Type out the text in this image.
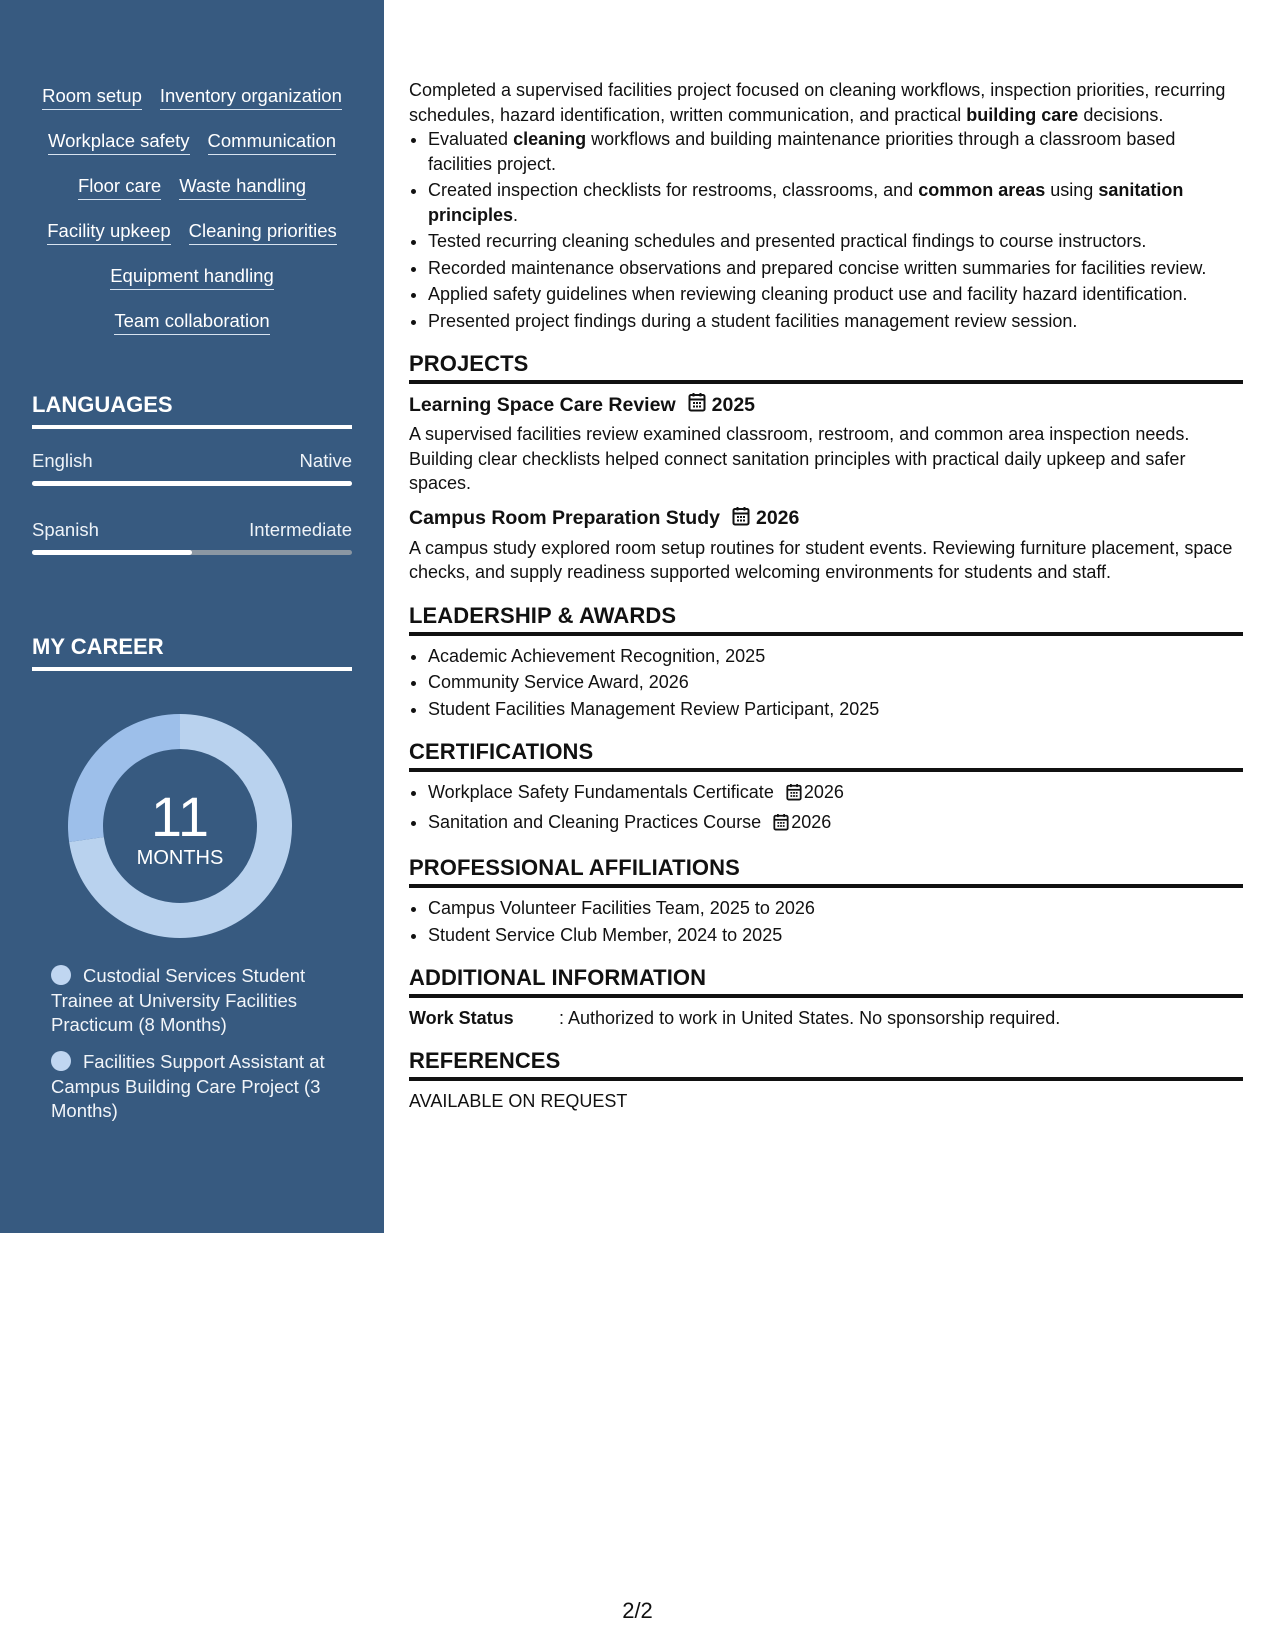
Room setup Inventory organization
Workplace safety Communication
Floor care Waste handling
Facility upkeep Cleaning priorities
Equipment handling
Team collaboration
LANGUAGES
English	Native
Spanish	Intermediate
MY CAREER
11
MONTHS
Custodial Services Student Trainee at University Facilities Practicum (8 Months)
Facilities Support Assistant at Campus Building Care Project (3 Months)

Completed a supervised facilities project focused on cleaning workflows, inspection priorities, recurring schedules, hazard identification, written communication, and practical building care decisions.

• Evaluated cleaning workflows and building maintenance priorities through a classroom based facilities project.
• Created inspection checklists for restrooms, classrooms, and common areas using sanitation principles.
• Tested recurring cleaning schedules and presented practical findings to course instructors.
• Recorded maintenance observations and prepared concise written summaries for facilities review.
• Applied safety guidelines when reviewing cleaning product use and facility hazard identification.
• Presented project findings during a student facilities management review session.
PROJECTS
Learning Space Care Review 2025

A supervised facilities review examined classroom, restroom, and common area inspection needs. Building clear checklists helped connect sanitation principles with practical daily upkeep and safer spaces.

Campus Room Preparation Study 2026

A campus study explored room setup routines for student events. Reviewing furniture placement, space checks, and supply readiness supported welcoming environments for students and staff.

LEADERSHIP & AWARDS
• Academic Achievement Recognition, 2025
• Community Service Award, 2026
• Student Facilities Management Review Participant, 2025
CERTIFICATIONS
• Workplace Safety Fundamentals Certificate 2026
• Sanitation and Cleaning Practices Course 2026
PROFESSIONAL AFFILIATIONS
• Campus Volunteer Facilities Team, 2025 to 2026
• Student Service Club Member, 2024 to 2025
ADDITIONAL INFORMATION
Work Status	: Authorized to work in United States. No sponsorship required.
REFERENCES

AVAILABLE ON REQUEST

2/2
